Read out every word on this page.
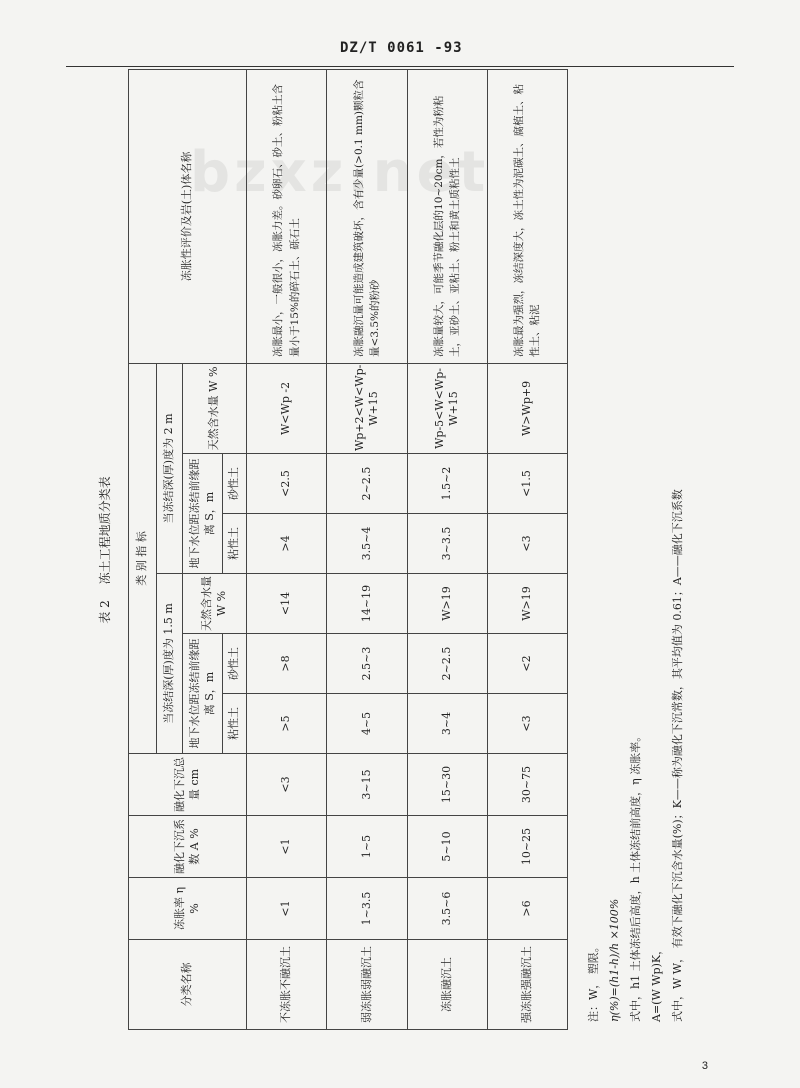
DZ/T 0061 -93
bzxz.net
表 2 冻土工程地质分类表
分类名称	冻胀率 η %	融化下沉系数 A %	融化下沉总量 cm	类 别 指 标						冻胀性评价及岩(土)体名称
				当冻结深(厚)度为 1.5 m			当冻结深(厚)度为 2 m			
				地下水位距冻结前缘距离 S，m		天然含水量 W %	地下水位距冻结前缘距离 S，m		天然含水量 W %	
				粘性土	砂性土		粘性土	砂性土		
不冻胀不融沉土	<1	<1	<3	>5	>8	<14	>4	<2.5	W<Wp -2	冻胀最小，一般很小，冻胀力差。砂卵石、砂土、粉粘土含量小于15%的碎石土、砾石土
弱冻胀弱融沉土	1~3.5	1~5	3~15	4~5	2.5~3	14~19	3.5~4	2~2.5	Wp+2<W<Wp-W+15	冻胀融沉量可能造成建筑破坏，含有少量(>0.1 mm)颗粒含量<3.5%的粉砂
冻胀融沉土	3.5~6	5~10	15~30	3~4	2~2.5	W>19	3~3.5	1.5~2	Wp-5<W<Wp-W+15	冻胀量较大，可能季节融化层的10~20cm，若性为粉粘土，亚砂土、亚粘土、粉土和黄土质粘性土
强冻胀强融沉土	>6	10~25	30~75	<3	<2	W>19	<3	<1.5	W>Wp+9	冻胀最为强烈，冻结深度大，冻土性为泥碳土、腐植土、粘性土、粘泥
注：W， 塑限。 η(%)=(h1-h)/h ×100% 式中，h1 土体冻结后高度，h 土体冻结前高度，η 冻胀率。 A=(W Wp)K， 式中，W W， 有效下融化下沉含水量(%)；K——称为融化下沉常数，其平均值为 0.61；A——融化下沉系数
3
